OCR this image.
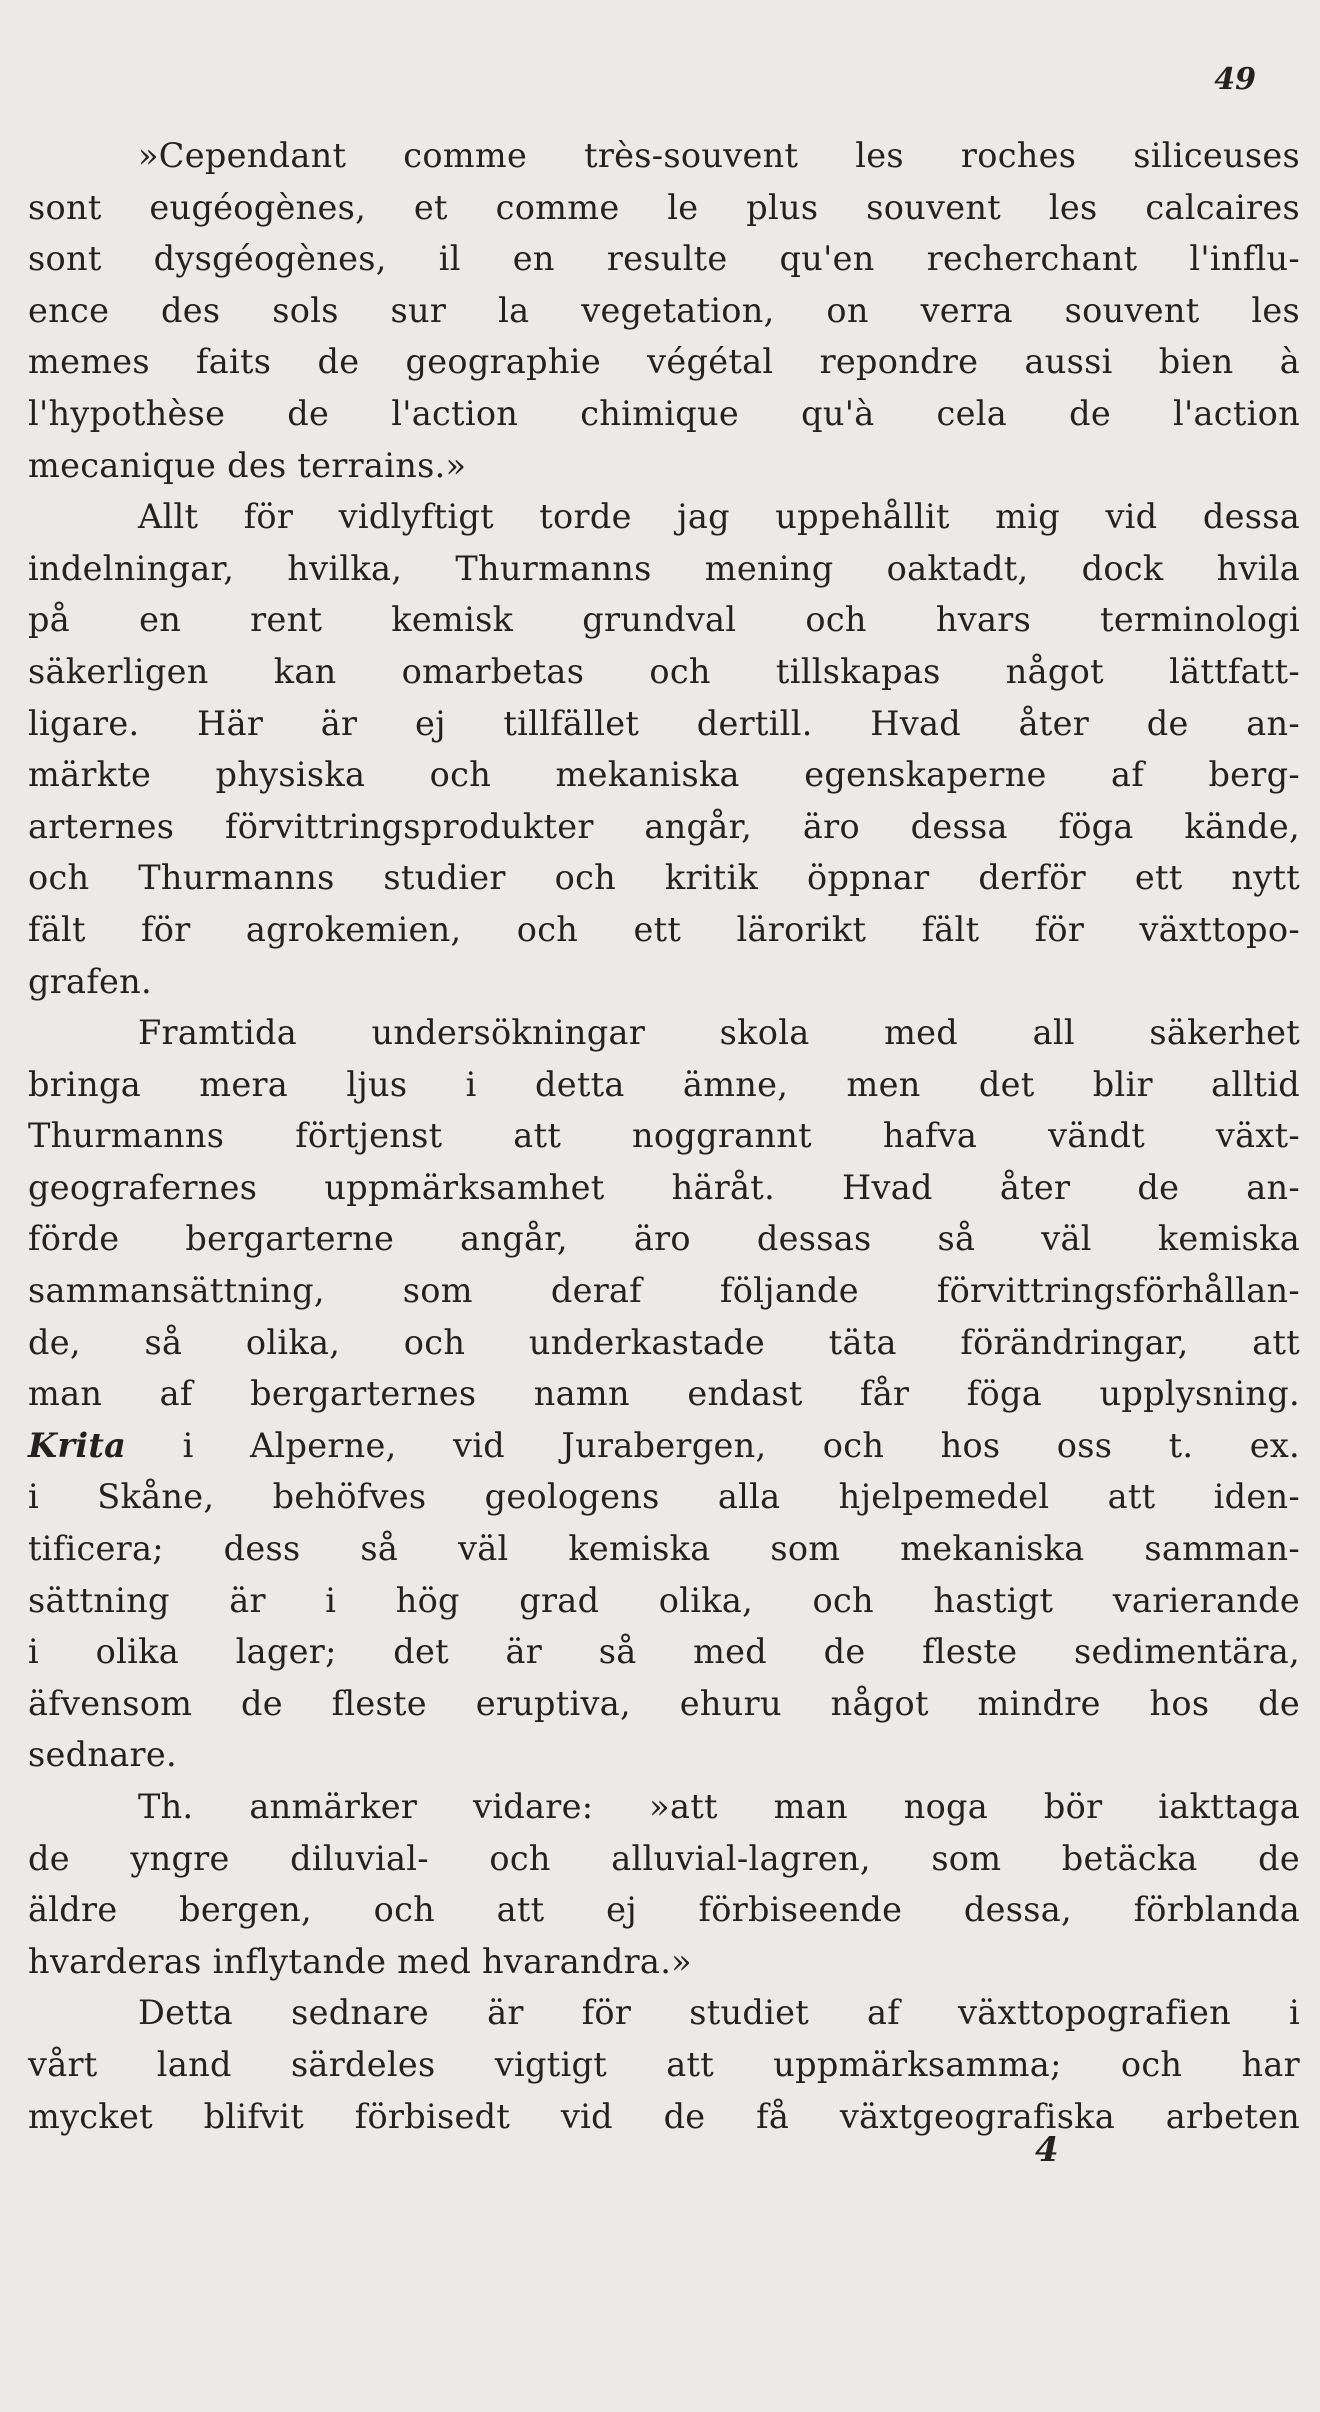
49
»Cependant comme très-souvent les roches siliceuses
sont eugéogènes, et comme le plus souvent les calcaires
sont dysgéogènes, il en resulte qu'en recherchant l'influ-
ence des sols sur la vegetation, on verra souvent les
memes faits de geographie végétal repondre aussi bien à
l'hypothèse de l'action chimique qu'à cela de l'action
mecanique des terrains.»
Allt för vidlyftigt torde jag uppehållit mig vid dessa
indelningar, hvilka, Thurmanns mening oaktadt, dock hvila
på en rent kemisk grundval och hvars terminologi
säkerligen kan omarbetas och tillskapas något lättfatt-
ligare. Här är ej tillfället dertill. Hvad åter de an-
märkte physiska och mekaniska egenskaperne af berg-
arternes förvittringsprodukter angår, äro dessa föga kände,
och Thurmanns studier och kritik öppnar derför ett nytt
fält för agrokemien, och ett lärorikt fält för växttopo-
grafen.
Framtida undersökningar skola med all säkerhet
bringa mera ljus i detta ämne, men det blir alltid
Thurmanns förtjenst att noggrannt hafva vändt växt-
geografernes uppmärksamhet häråt. Hvad åter de an-
förde bergarterne angår, äro dessas så väl kemiska
sammansättning, som deraf följande förvittringsförhållan-
de, så olika, och underkastade täta förändringar, att
man af bergarternes namn endast får föga upplysning.
Krita i Alperne, vid Jurabergen, och hos oss t. ex.
i Skåne, behöfves geologens alla hjelpemedel att iden-
tificera; dess så väl kemiska som mekaniska samman-
sättning är i hög grad olika, och hastigt varierande
i olika lager; det är så med de fleste sedimentära,
äfvensom de fleste eruptiva, ehuru något mindre hos de
sednare.
Th. anmärker vidare: »att man noga bör iakttaga
de yngre diluvial- och alluvial-lagren, som betäcka de
äldre bergen, och att ej förbiseende dessa, förblanda
hvarderas inflytande med hvarandra.»
Detta sednare är för studiet af växttopografien i
vårt land särdeles vigtigt att uppmärksamma; och har
mycket blifvit förbisedt vid de få växtgeografiska arbeten
4
